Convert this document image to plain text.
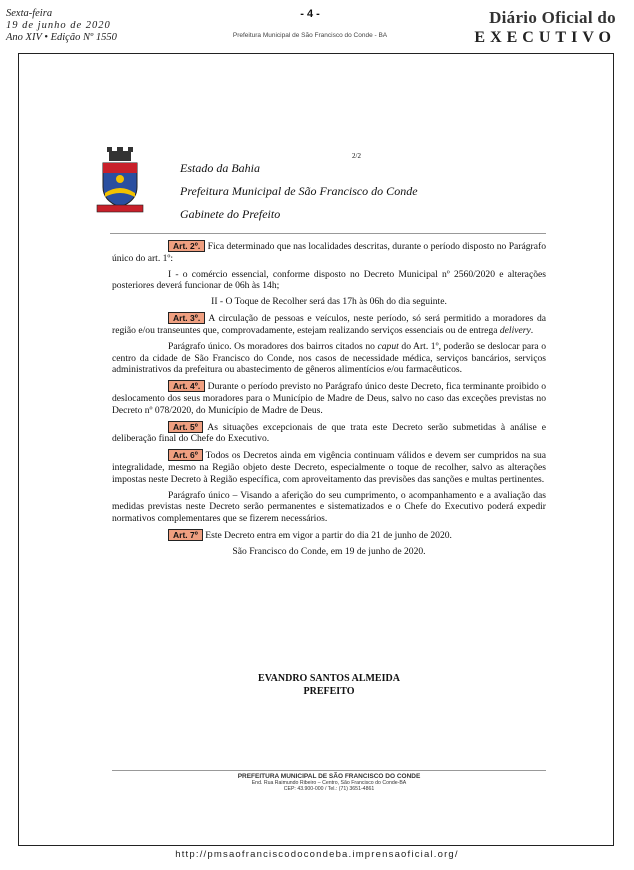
Sexta-feira
19 de junho de 2020
Ano XIV • Edição Nº 1550
- 4 -
Prefeitura Municipal de São Francisco do Conde - BA
Diário Oficial do
EXECUTIVO
2/2
Estado da Bahia
Prefeitura Municipal de São Francisco do Conde
Gabinete do Prefeito

Art. 2º. Fica determinado que nas localidades descritas, durante o período disposto no Parágrafo único do art. 1º:

I - o comércio essencial, conforme disposto no Decreto Municipal nº 2560/2020 e alterações posteriores deverá funcionar de 06h às 14h;

II - O Toque de Recolher será das 17h às 06h do dia seguinte.

Art. 3º. A circulação de pessoas e veículos, neste período, só será permitido a moradores da região e/ou transeuntes que, comprovadamente, estejam realizando serviços essenciais ou de entrega delivery.

Parágrafo único. Os moradores dos bairros citados no caput do Art. 1º, poderão se deslocar para o centro da cidade de São Francisco do Conde, nos casos de necessidade médica, serviços bancários, serviços administrativos da prefeitura ou abastecimento de gêneros alimentícios e/ou farmacêuticos.

Art. 4º. Durante o período previsto no Parágrafo único deste Decreto, fica terminante proibido o deslocamento dos seus moradores para o Município de Madre de Deus, salvo no caso das exceções previstas no Decreto nº 078/2020, do Município de Madre de Deus.

Art. 5º As situações excepcionais de que trata este Decreto serão submetidas à análise e deliberação final do Chefe do Executivo.

Art. 6º Todos os Decretos ainda em vigência continuam válidos e devem ser cumpridos na sua integralidade, mesmo na Região objeto deste Decreto, especialmente o toque de recolher, salvo as alterações impostas neste Decreto à Região específica, com aproveitamento das previsões das sanções e multas pertinentes.

Parágrafo único – Visando a aferição do seu cumprimento, o acompanhamento e a avaliação das medidas previstas neste Decreto serão permanentes e sistematizados e o Chefe do Executivo poderá expedir normativos complementares que se fizerem necessários.

Art. 7º Este Decreto entra em vigor a partir do dia 21 de junho de 2020.

São Francisco do Conde, em 19 de junho de 2020.

EVANDRO SANTOS ALMEIDA
PREFEITO
PREFEITURA MUNICIPAL DE SÃO FRANCISCO DO CONDE
End. Rua Raimundo Ribeiro – Centro, São Francisco do Conde-BA
CEP: 43.900-000 / Tel.: (71) 3651-4861
http://pmsaofranciscodocondeba.imprensaoficial.org/
